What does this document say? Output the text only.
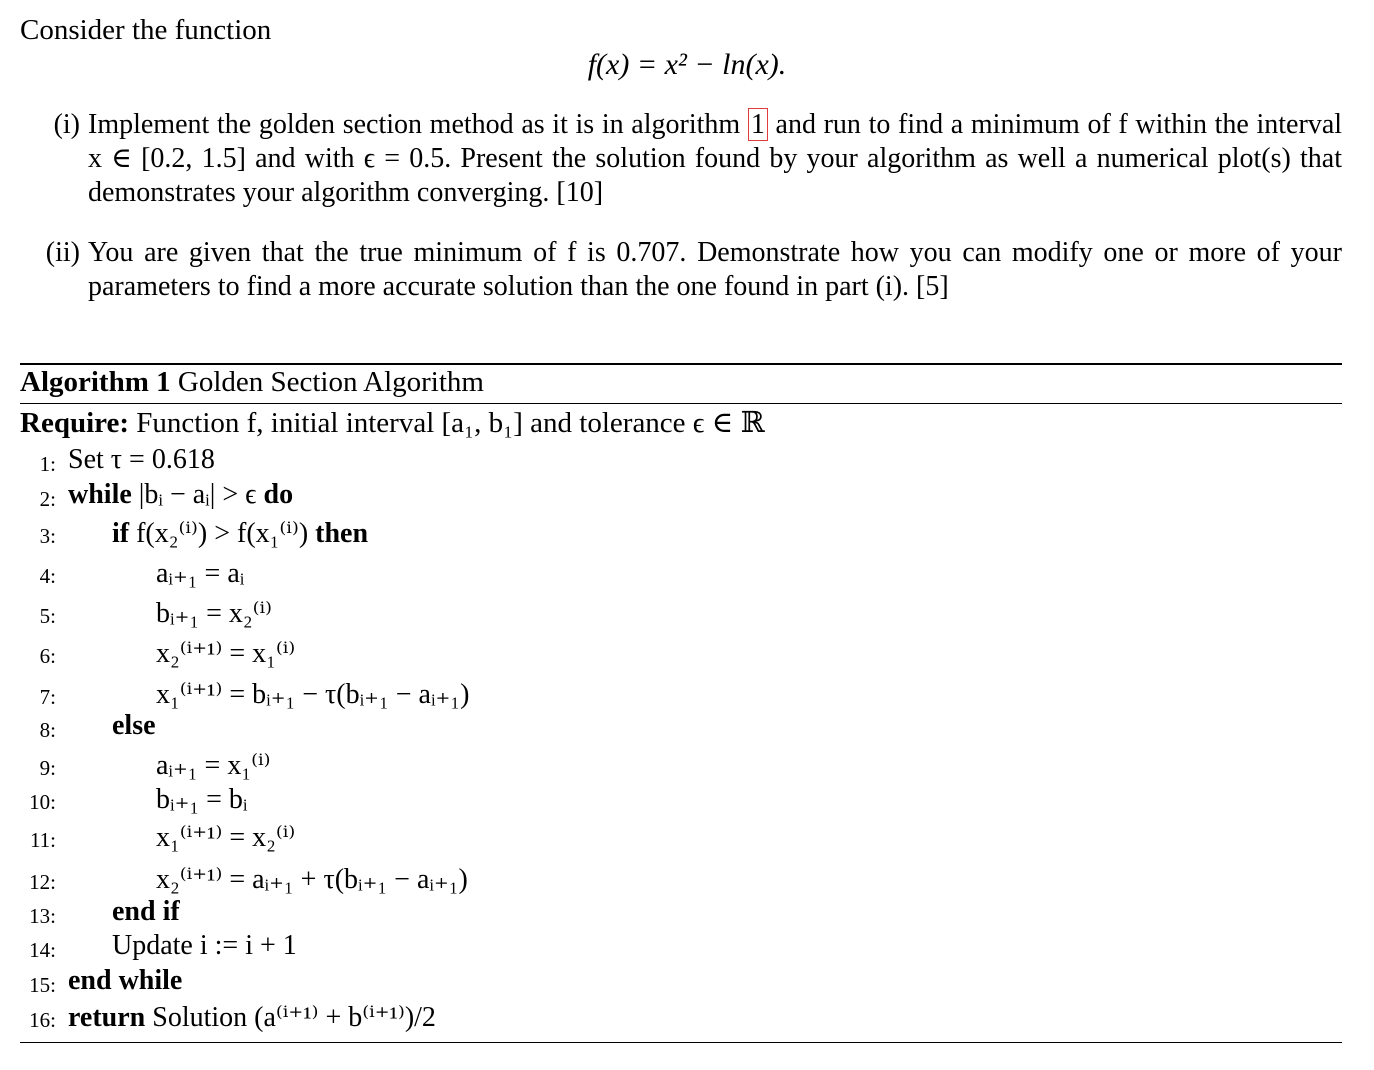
Consider the function
f(x) = x² − ln(x).
(i) Implement the golden section method as it is in algorithm 1 and run to find a minimum of f within the interval x ∈ [0.2, 1.5] and with ϵ = 0.5. Present the solution found by your algorithm as well a numerical plot(s) that demonstrates your algorithm converging. [10]
(ii) You are given that the true minimum of f is 0.707. Demonstrate how you can modify one or more of your parameters to find a more accurate solution than the one found in part (i). [5]
Algorithm 1 Golden Section Algorithm
Require: Function f, initial interval [a₁, b₁] and tolerance ϵ ∈ ℝ
1: Set τ = 0.618
2: while |bᵢ − aᵢ| > ϵ do
3: if f(x₂⁽ⁱ⁾) > f(x₁⁽ⁱ⁾) then
4:	aᵢ₊₁ = aᵢ
5:	bᵢ₊₁ = x₂⁽ⁱ⁾
6:	x₂⁽ⁱ⁺¹⁾ = x₁⁽ⁱ⁾
7:	x₁⁽ⁱ⁺¹⁾ = bᵢ₊₁ − τ(bᵢ₊₁ − aᵢ₊₁)
8: else
9:	aᵢ₊₁ = x₁⁽ⁱ⁾
10:	bᵢ₊₁ = bᵢ
11:	x₁⁽ⁱ⁺¹⁾ = x₂⁽ⁱ⁾
12:	x₂⁽ⁱ⁺¹⁾ = aᵢ₊₁ + τ(bᵢ₊₁ − aᵢ₊₁)
13: end if
14: Update i := i + 1
15: end while
16: return Solution (a⁽ⁱ⁺¹⁾ + b⁽ⁱ⁺¹⁾)/2
